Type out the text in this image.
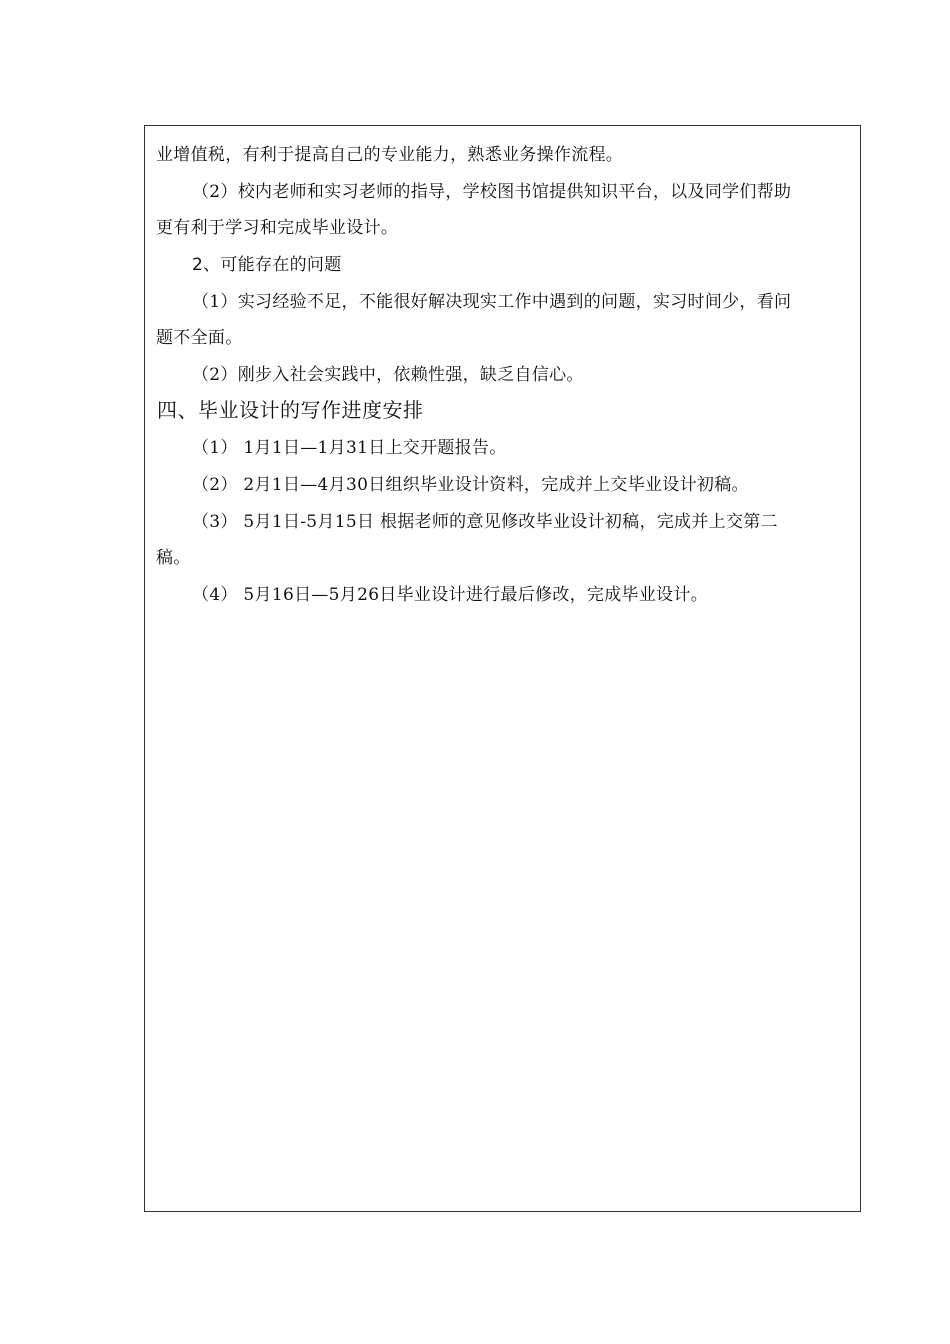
业增值税，有利于提高自己的专业能力，熟悉业务操作流程。
（2）校内老师和实习老师的指导，学校图书馆提供知识平台，以及同学们帮助
更有利于学习和完成毕业设计。
2、可能存在的问题
（1）实习经验不足，不能很好解决现实工作中遇到的问题，实习时间少，看问
题不全面。
（2）刚步入社会实践中，依赖性强，缺乏自信心。
四、毕业设计的写作进度安排
（1） 1月1日—1月31日上交开题报告。
（2） 2月1日—4月30日组织毕业设计资料，完成并上交毕业设计初稿。
（3） 5月1日-5月15日 根据老师的意见修改毕业设计初稿，完成并上交第二
稿。
（4） 5月16日—5月26日毕业设计进行最后修改，完成毕业设计。
